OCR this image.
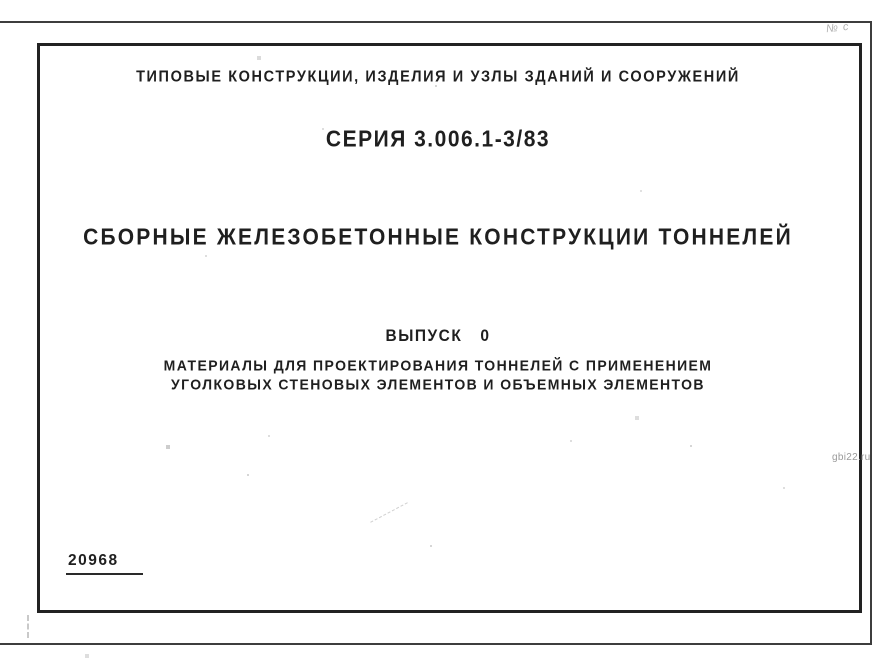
ТИПОВЫЕ КОНСТРУКЦИИ, ИЗДЕЛИЯ И УЗЛЫ ЗДАНИЙ И СООРУЖЕНИЙ
СЕРИЯ 3.006.1-3/83
СБОРНЫЕ ЖЕЛЕЗОБЕТОННЫЕ КОНСТРУКЦИИ ТОННЕЛЕЙ
ВЫПУСК 0
МАТЕРИАЛЫ ДЛЯ ПРОЕКТИРОВАНИЯ ТОННЕЛЕЙ С ПРИМЕНЕНИЕМ
УГОЛКОВЫХ СТЕНОВЫХ ЭЛЕМЕНТОВ И ОБЪЕМНЫХ ЭЛЕМЕНТОВ
20968
gbi22.ru
№ с
